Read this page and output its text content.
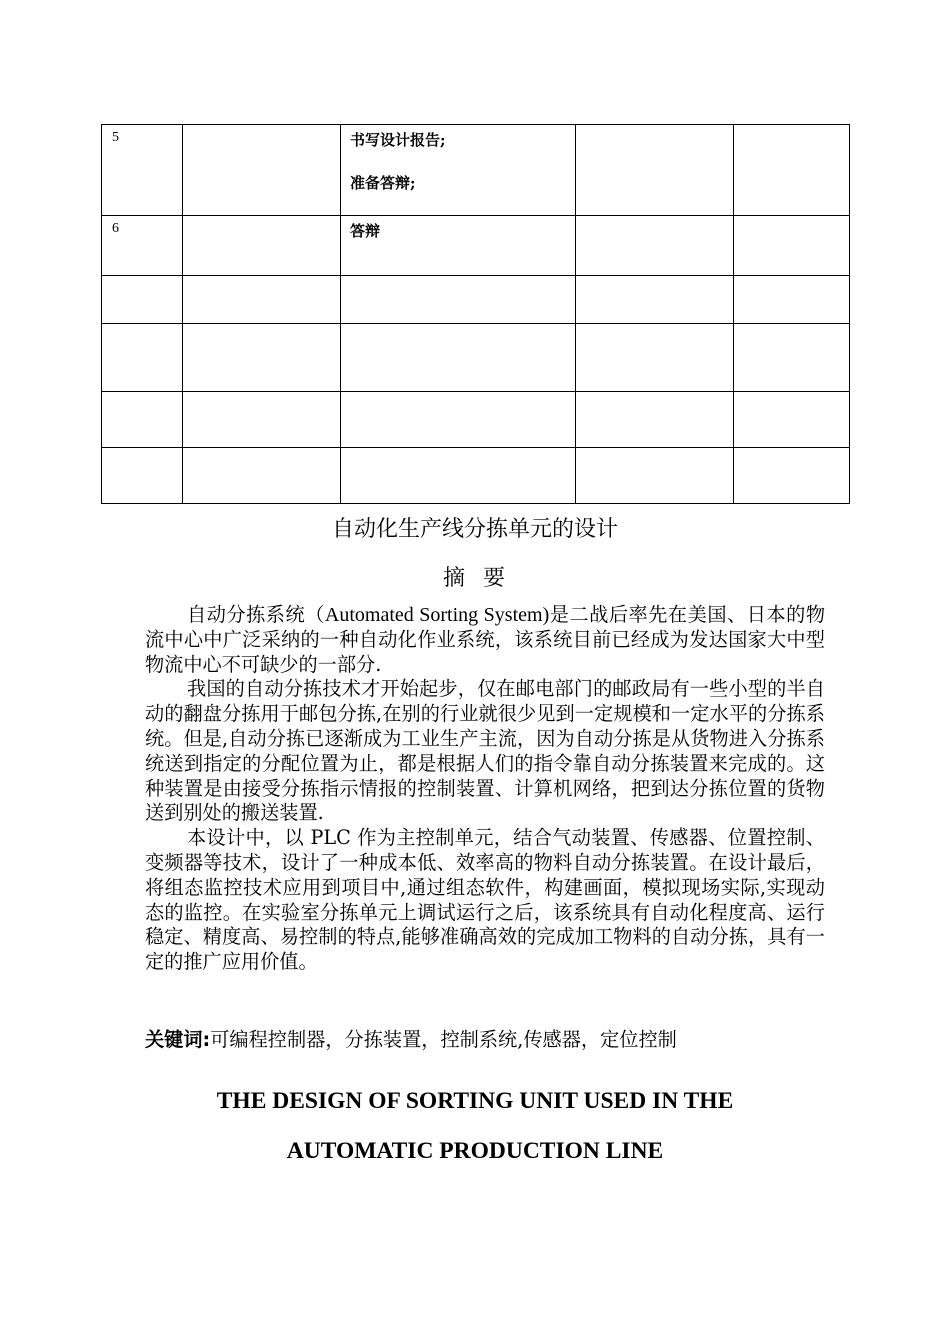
5		书写设计报告;
准备答辩;		

6		答辩		

自动化生产线分拣单元的设计
摘 要

自动分拣系统（Automated Sorting System)是二战后率先在美国、日本的物流中心中广泛采纳的一种自动化作业系统，该系统目前已经成为发达国家大中型物流中心不可缺少的一部分.

我国的自动分拣技术才开始起步，仅在邮电部门的邮政局有一些小型的半自动的翻盘分拣用于邮包分拣,在别的行业就很少见到一定规模和一定水平的分拣系统。但是,自动分拣已逐渐成为工业生产主流，因为自动分拣是从货物进入分拣系统送到指定的分配位置为止，都是根据人们的指令靠自动分拣装置来完成的。这种装置是由接受分拣指示情报的控制装置、计算机网络，把到达分拣位置的货物送到别处的搬送装置.

本设计中，以 PLC 作为主控制单元，结合气动装置、传感器、位置控制、变频器等技术，设计了一种成本低、效率高的物料自动分拣装置。在设计最后，将组态监控技术应用到项目中,通过组态软件，构建画面，模拟现场实际,实现动态的监控。在实验室分拣单元上调试运行之后，该系统具有自动化程度高、运行稳定、精度高、易控制的特点,能够准确高效的完成加工物料的自动分拣，具有一定的推广应用价值。

关键词:可编程控制器，分拣装置，控制系统,传感器，定位控制
THE DESIGN OF SORTING UNIT USED IN THE
AUTOMATIC PRODUCTION LINE
